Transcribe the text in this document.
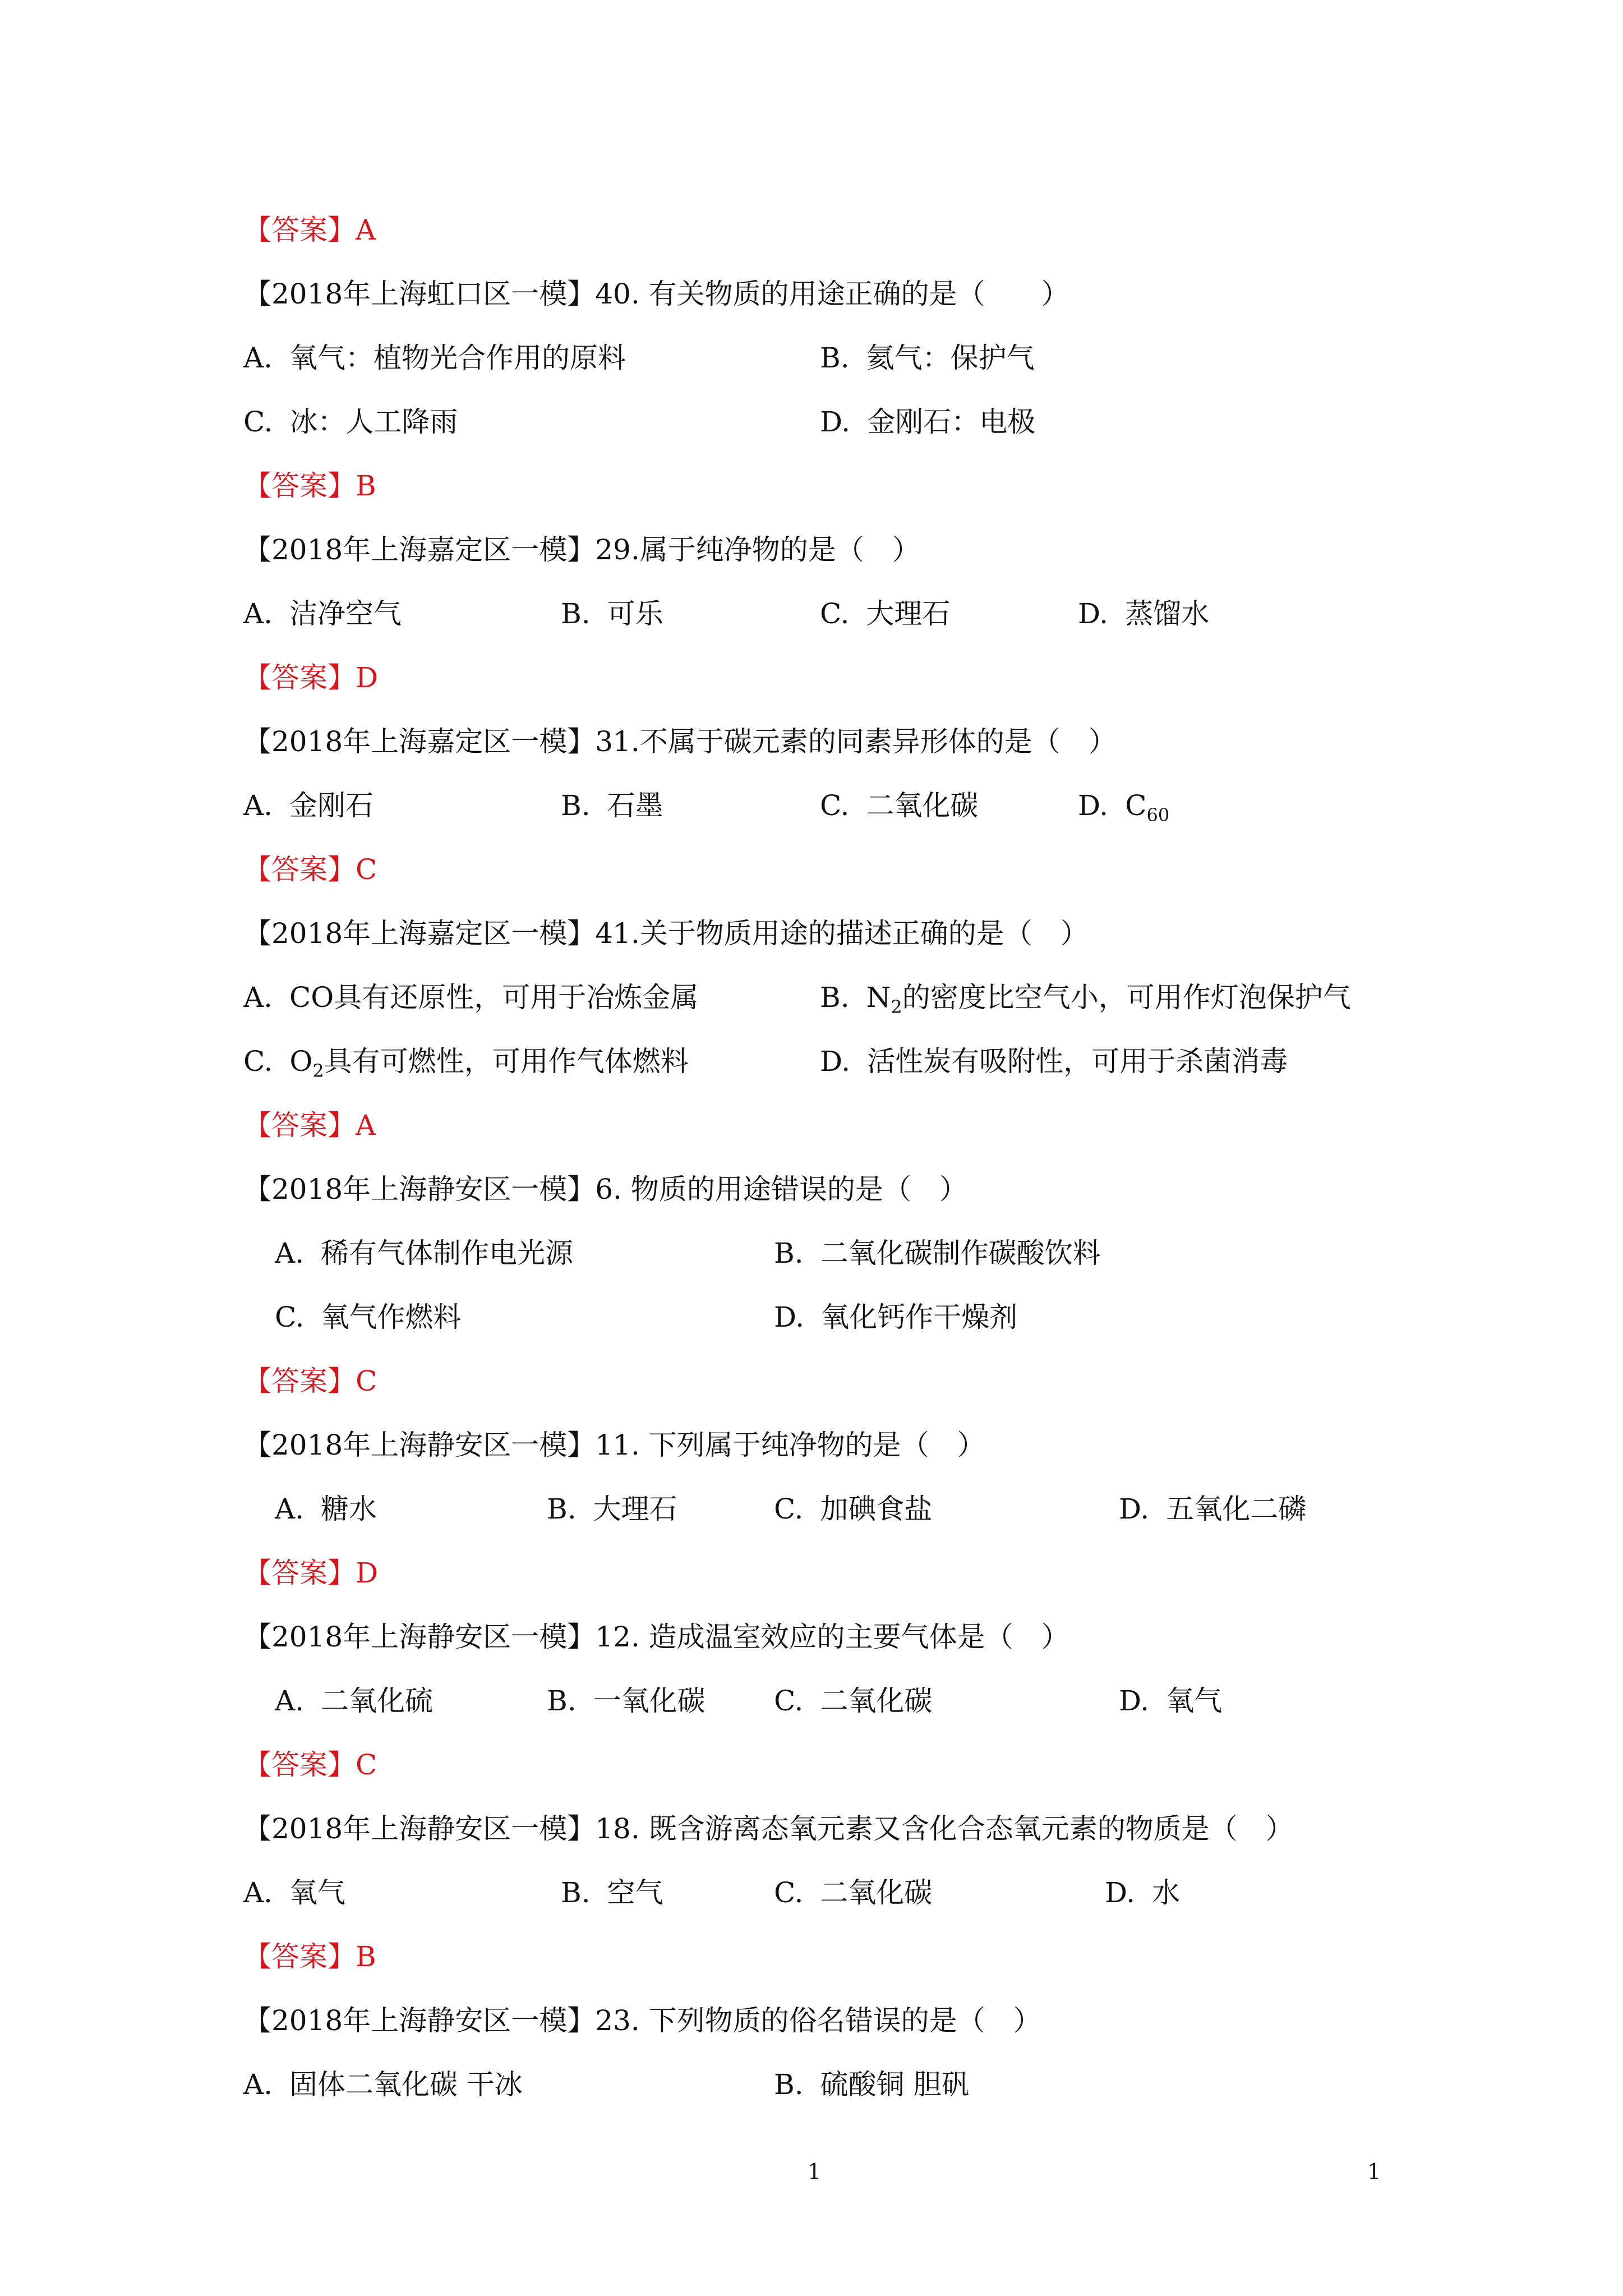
【答案】A
【2018年上海虹口区一模】40. 有关物质的用途正确的是（　　）
A. 氧气：植物光合作用的原料	B. 氦气：保护气
C. 冰：人工降雨	D. 金刚石：电极
【答案】B
【2018年上海嘉定区一模】29.属于纯净物的是（　）
A. 洁净空气	B. 可乐	C. 大理石	D. 蒸馏水
【答案】D
【2018年上海嘉定区一模】31.不属于碳元素的同素异形体的是（　）
A. 金刚石	B. 石墨	C. 二氧化碳	D. $C_{60}$
【答案】C
【2018年上海嘉定区一模】41.关于物质用途的描述正确的是（　）
A. CO具有还原性，可用于冶炼金属	B. $N_2$的密度比空气小，可用作灯泡保护气
C. $O_2$具有可燃性，可用作气体燃料	D. 活性炭有吸附性，可用于杀菌消毒
【答案】A
【2018年上海静安区一模】6. 物质的用途错误的是（　）
A. 稀有气体制作电光源	B. 二氧化碳制作碳酸饮料
C. 氧气作燃料	D. 氧化钙作干燥剂
【答案】C
【2018年上海静安区一模】11. 下列属于纯净物的是（　）
A. 糖水	B. 大理石	C. 加碘食盐	D. 五氧化二磷
【答案】D
【2018年上海静安区一模】12. 造成温室效应的主要气体是（　）
A. 二氧化硫	B. 一氧化碳 C. 二氧化碳	D. 氧气
【答案】C
【2018年上海静安区一模】18. 既含游离态氧元素又含化合态氧元素的物质是（　）
A. 氧气	B. 空气	C. 二氧化碳	D. 水
【答案】B
【2018年上海静安区一模】23. 下列物质的俗名错误的是（　）
A. 固体二氧化碳 干冰	B. 硫酸铜 胆矾
1	1
